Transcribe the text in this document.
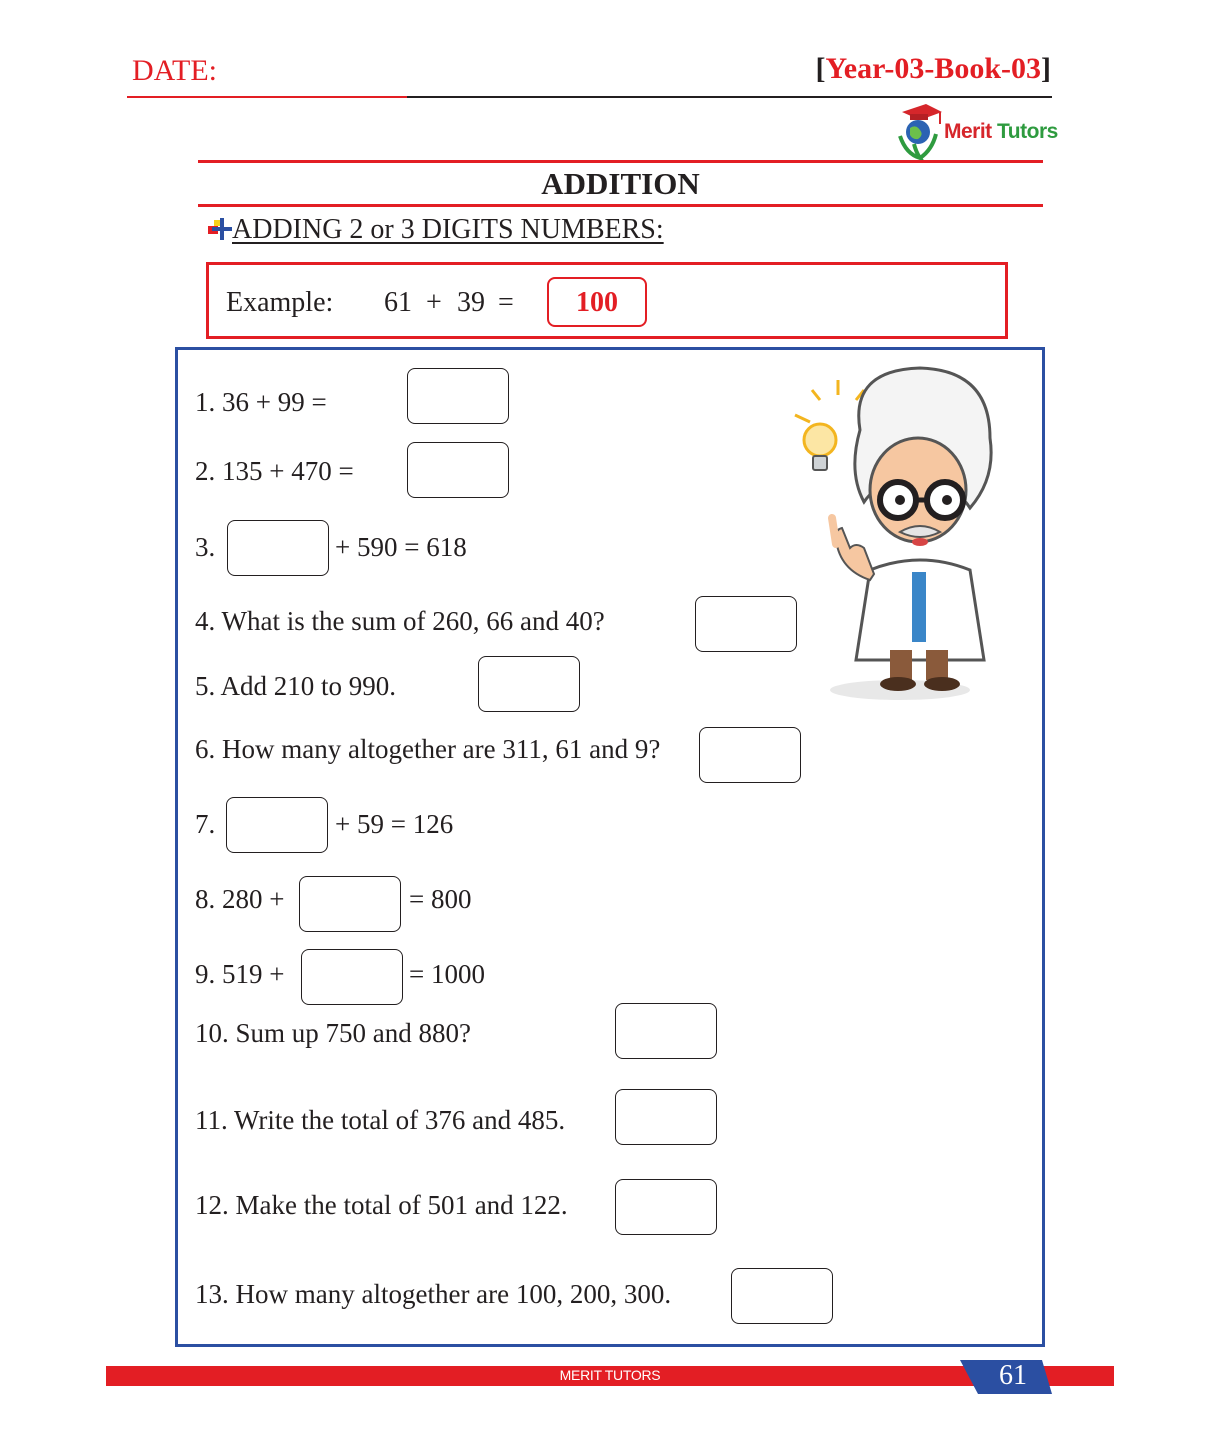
DATE:	[Year-03-Book-03]
Merit Tutors
ADDITION
ADDING 2 or 3 DIGITS NUMBERS:
Example: 61 + 39 =	100
1. 36 + 99 =
2. 135 + 470 =
3.	+ 590 = 618
4. What is the sum of 260, 66 and 40?
5. Add 210 to 990.
6. How many altogether are 311, 61 and 9?
7.	+ 59 = 126
8. 280 +	= 800
9. 519 +	= 1000
10. Sum up 750 and 880?
11. Write the total of 376 and 485.
12. Make the total of 501 and 122.
13. How many altogether are 100, 200, 300.
MERIT TUTORS	61
